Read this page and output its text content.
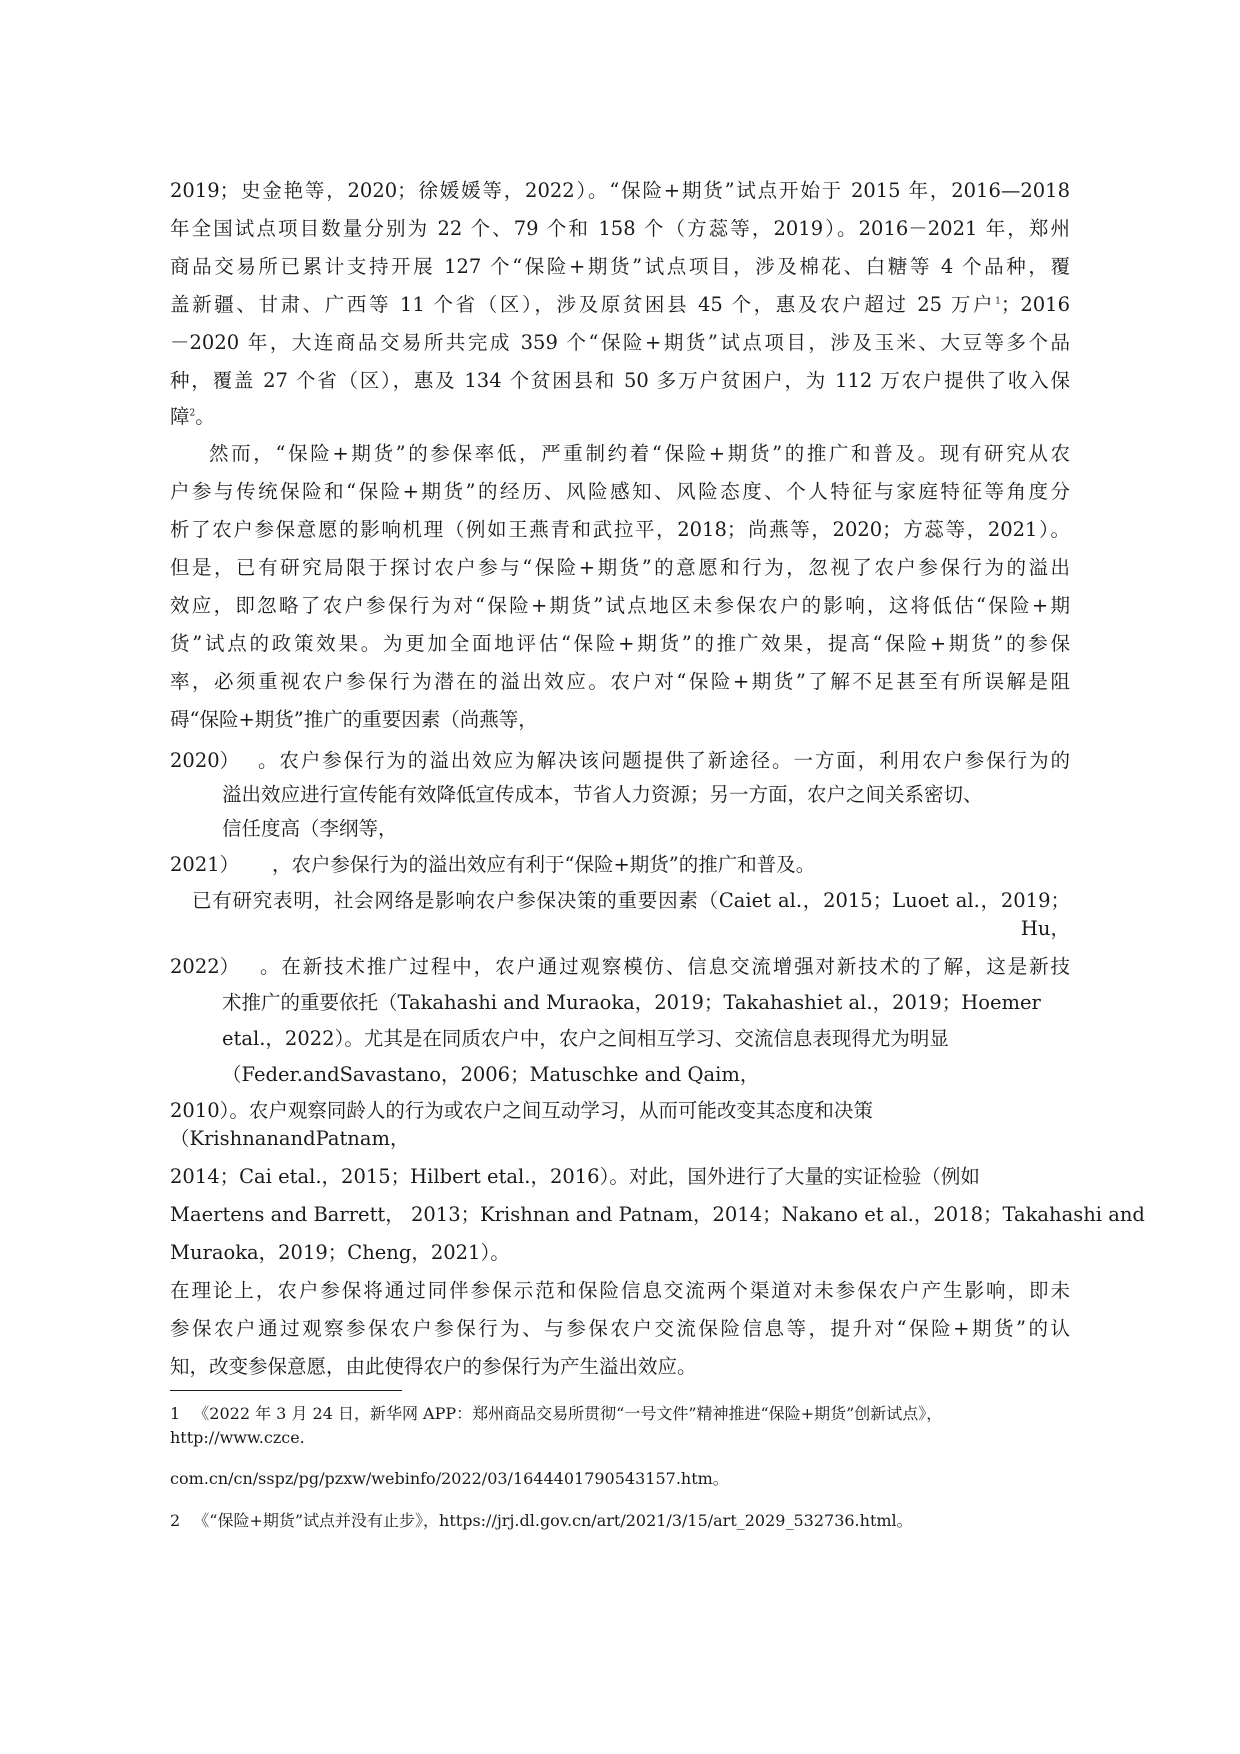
2019；史金艳等，2020；徐媛媛等，2022）。“保险+期货”试点开始于 2015 年，2016—2018
年全国试点项目数量分别为 22 个、79 个和 158 个（方蕊等，2019）。2016－2021 年，郑州
商品交易所已累计支持开展 127 个“保险+期货”试点项目，涉及棉花、白糖等 4 个品种，覆
盖新疆、甘肃、广西等 11 个省（区），涉及原贫困县 45 个，惠及农户超过 25 万户$^1$；2016
－2020 年，大连商品交易所共完成 359 个“保险+期货”试点项目，涉及玉米、大豆等多个品
种，覆盖 27 个省（区），惠及 134 个贫困县和 50 多万户贫困户，为 112 万农户提供了收入保
障$^2$。
然而，“保险+期货”的参保率低，严重制约着“保险+期货”的推广和普及。现有研究从农
户参与传统保险和“保险+期货”的经历、风险感知、风险态度、个人特征与家庭特征等角度分
析了农户参保意愿的影响机理（例如王燕青和武拉平，2018；尚燕等，2020；方蕊等，2021）。
但是，已有研究局限于探讨农户参与“保险+期货”的意愿和行为，忽视了农户参保行为的溢出
效应，即忽略了农户参保行为对“保险+期货”试点地区未参保农户的影响，这将低估“保险+期
货”试点的政策效果。为更加全面地评估“保险+期货”的推广效果，提高“保险+期货”的参保
率，必须重视农户参保行为潜在的溢出效应。农户对“保险+期货”了解不足甚至有所误解是阻
碍“保险+期货”推广的重要因素（尚燕等，
2020） 。农户参保行为的溢出效应为解决该问题提供了新途径。一方面，利用农户参保行为的
溢出效应进行宣传能有效降低宣传成本，节省人力资源；另一方面，农户之间关系密切、
信任度高（李纲等，
2021） ，农户参保行为的溢出效应有利于“保险+期货”的推广和普及。
已有研究表明，社会网络是影响农户参保决策的重要因素（Caiet al.，2015；Luoet al.，2019；
Hu，
2022） 。在新技术推广过程中，农户通过观察模仿、信息交流增强对新技术的了解，这是新技
术推广的重要依托（Takahashi and Muraoka，2019；Takahashiet al.，2019；Hoemer
etal.，2022）。尤其是在同质农户中，农户之间相互学习、交流信息表现得尤为明显
（Feder.andSavastano，2006；Matuschke and Qaim，
2010）。农户观察同龄人的行为或农户之间互动学习，从而可能改变其态度和决策
（KrishnanandPatnam，
2014；Cai etal.，2015；Hilbert etal.，2016）。对此，国外进行了大量的实证检验（例如
Maertens and Barrett， 2013；Krishnan and Patnam，2014；Nakano et al.，2018；Takahashi and
Muraoka，2019；Cheng，2021）。
在理论上，农户参保将通过同伴参保示范和保险信息交流两个渠道对未参保农户产生影响，即未
参保农户通过观察参保农户参保行为、与参保农户交流保险信息等，提升对“保险+期货”的认
知，改变参保意愿，由此使得农户的参保行为产生溢出效应。
1 《2022 年 3 月 24 日，新华网 APP：郑州商品交易所贯彻“一号文件”精神推进“保险+期货”创新试点》，
http://www.czce.
com.cn/cn/sspz/pg/pzxw/webinfo/2022/03/1644401790543157.htm。
2 《“保险+期货”试点并没有止步》，https://jrj.dl.gov.cn/art/2021/3/15/art_2029_532736.html。
